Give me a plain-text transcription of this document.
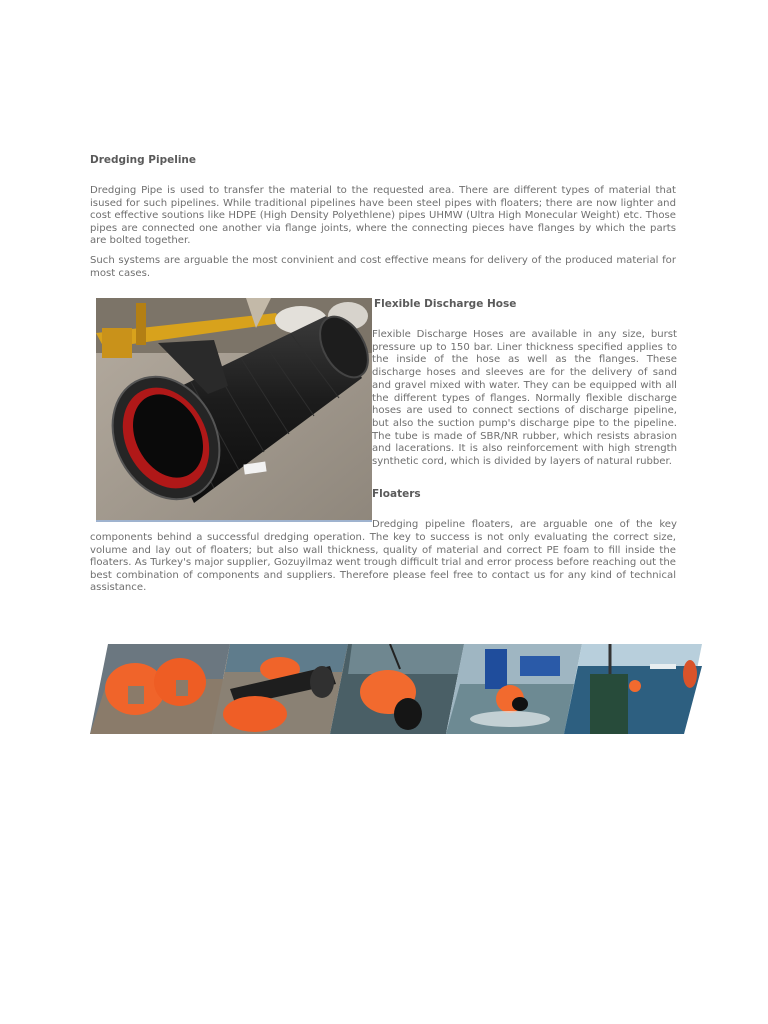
Dredging Pipeline
Dredging Pipe is used to transfer the material to the requested area. There are different types of material that isused for such pipelines. While traditional pipelines have been steel pipes with floaters; there are now lighter and cost effective soutions like HDPE (High Density Polyethlene) pipes UHMW (Ultra High Monecular Weight) etc. Those pipes are connected one another via flange joints, where the connecting pieces have flanges by which the parts are bolted together.
Such systems are arguable the most convinient and cost effective means for delivery of the produced material for most cases.
Flexible Discharge Hose
Flexible Discharge Hoses are available in any size, burst pressure up to 150 bar. Liner thickness specified applies to the inside of the hose as well as the flanges. These discharge hoses and sleeves are for the delivery of sand and gravel mixed with water. They can be equipped with all the different types of flanges. Normally flexible discharge hoses are used to connect sections of discharge pipeline, but also the suction pump's discharge pipe to the pipeline. The tube is made of SBR/NR rubber, which resists abrasion and lacerations. It is also reinforcement with high strength synthetic cord, which is divided by layers of natural rubber.
Floaters
Dredging pipeline floaters, are arguable one of the key
components behind a successful dredging operation. The key to success is not only evaluating the correct size, volume and lay out of floaters; but also wall thickness, quality of material and correct PE foam to fill inside the floaters. As Turkey's major supplier, Gozuyilmaz went trough difficult trial and error process before reaching out the best combination of components and suppliers. Therefore please feel free to contact us for any kind of technical assistance.
